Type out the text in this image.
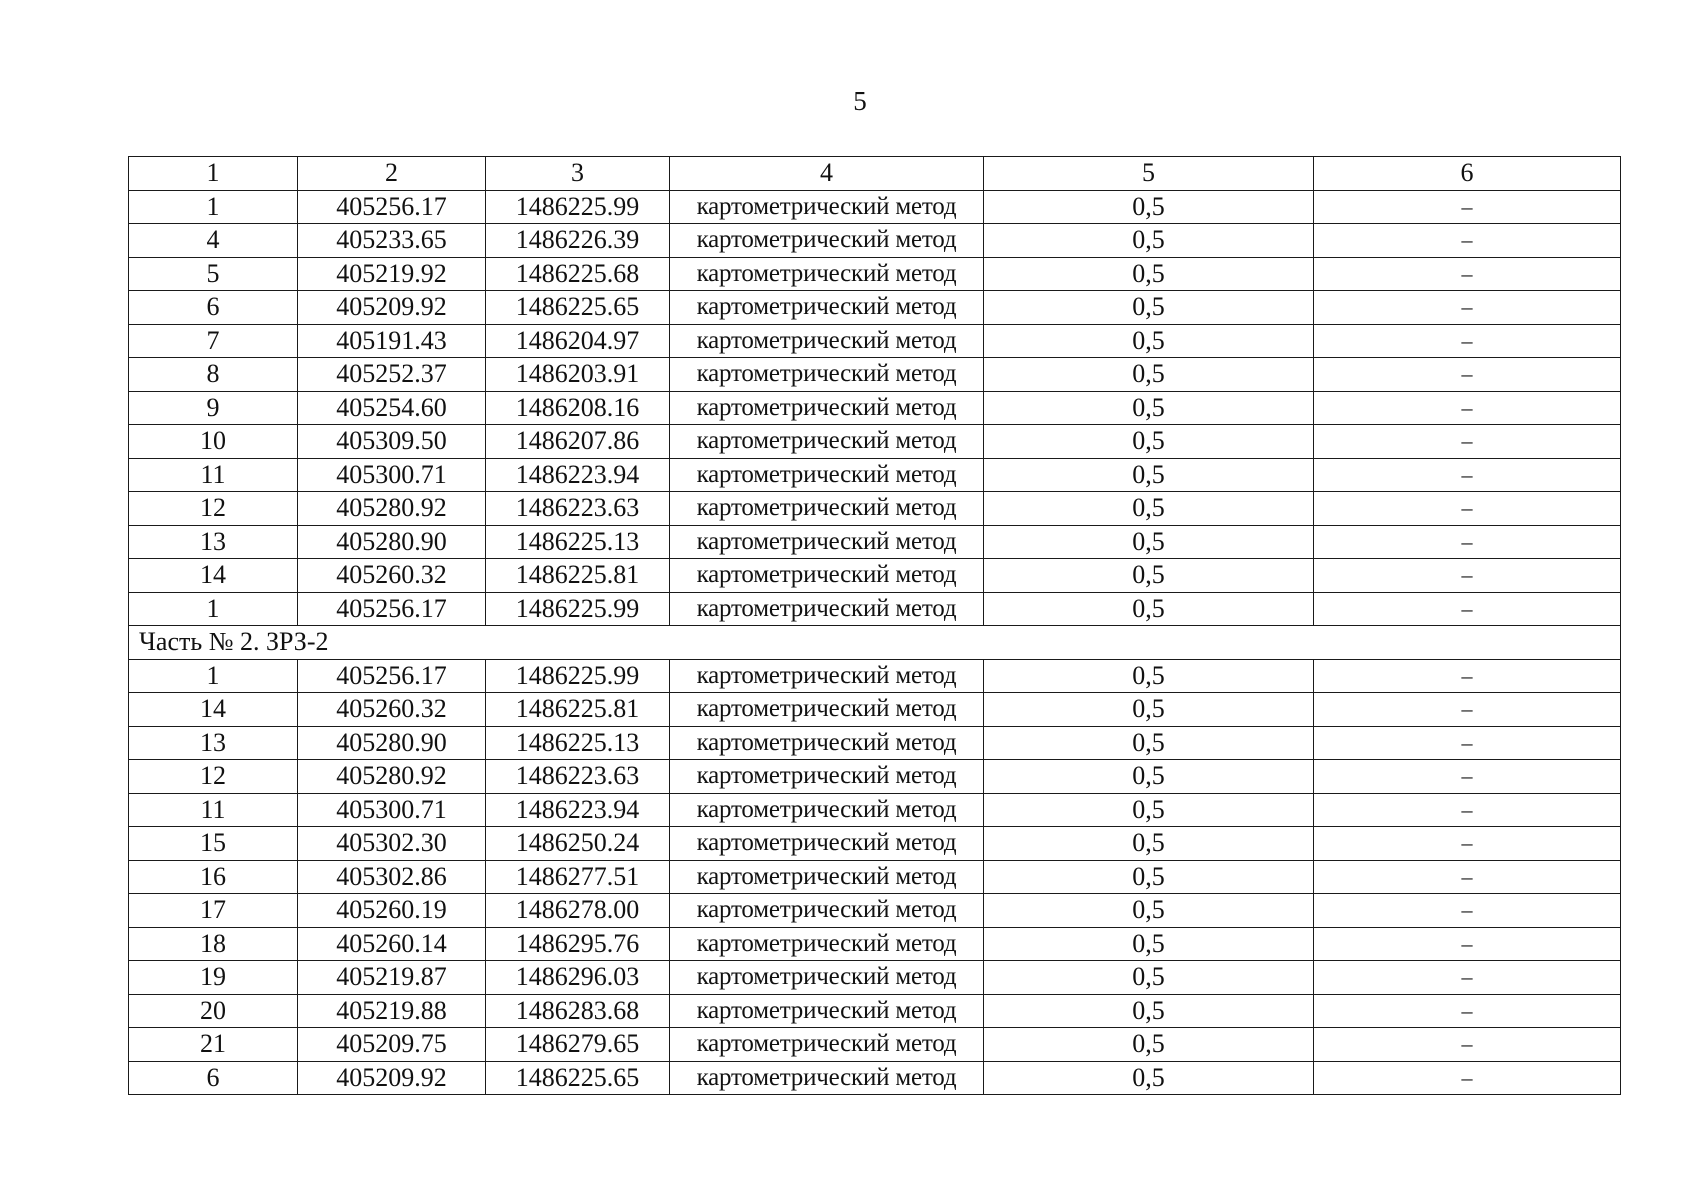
5
1	2	3	4	5	6
1	405256.17	1486225.99	картометрический метод	0,5	–
4	405233.65	1486226.39	картометрический метод	0,5	–
5	405219.92	1486225.68	картометрический метод	0,5	–
6	405209.92	1486225.65	картометрический метод	0,5	–
7	405191.43	1486204.97	картометрический метод	0,5	–
8	405252.37	1486203.91	картометрический метод	0,5	–
9	405254.60	1486208.16	картометрический метод	0,5	–
10	405309.50	1486207.86	картометрический метод	0,5	–
11	405300.71	1486223.94	картометрический метод	0,5	–
12	405280.92	1486223.63	картометрический метод	0,5	–
13	405280.90	1486225.13	картометрический метод	0,5	–
14	405260.32	1486225.81	картометрический метод	0,5	–
1	405256.17	1486225.99	картометрический метод	0,5	–
Часть № 2. ЗРЗ-2					
1	405256.17	1486225.99	картометрический метод	0,5	–
14	405260.32	1486225.81	картометрический метод	0,5	–
13	405280.90	1486225.13	картометрический метод	0,5	–
12	405280.92	1486223.63	картометрический метод	0,5	–
11	405300.71	1486223.94	картометрический метод	0,5	–
15	405302.30	1486250.24	картометрический метод	0,5	–
16	405302.86	1486277.51	картометрический метод	0,5	–
17	405260.19	1486278.00	картометрический метод	0,5	–
18	405260.14	1486295.76	картометрический метод	0,5	–
19	405219.87	1486296.03	картометрический метод	0,5	–
20	405219.88	1486283.68	картометрический метод	0,5	–
21	405209.75	1486279.65	картометрический метод	0,5	–
6	405209.92	1486225.65	картометрический метод	0,5	–
